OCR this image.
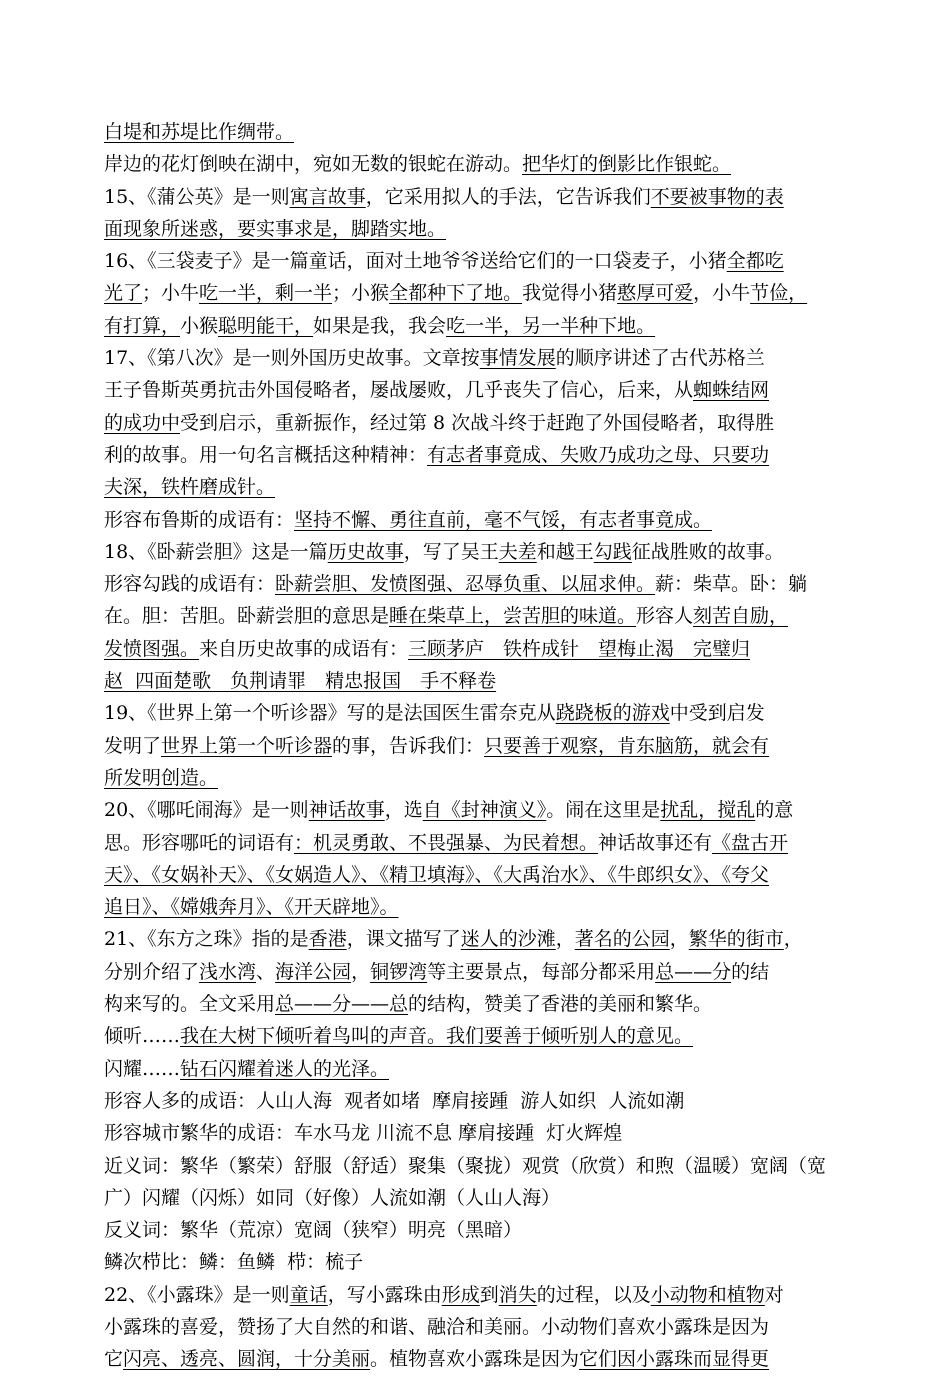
白堤和苏堤比作绸带。
岸边的花灯倒映在湖中，宛如无数的银蛇在游动。把华灯的倒影比作银蛇。
15、《蒲公英》是一则寓言故事，它采用拟人的手法，它告诉我们不要被事物的表
面现象所迷惑，要实事求是，脚踏实地。
16、《三袋麦子》是一篇童话，面对土地爷爷送给它们的一口袋麦子，小猪全都吃
光了；小牛吃一半，剩一半；小猴全都种下了地。我觉得小猪憨厚可爱，小牛节俭，
有打算，小猴聪明能干，如果是我，我会吃一半，另一半种下地。
17、《第八次》是一则外国历史故事。文章按事情发展的顺序讲述了古代苏格兰
王子鲁斯英勇抗击外国侵略者，屡战屡败，几乎丧失了信心，后来，从蜘蛛结网
的成功中受到启示，重新振作，经过第 8 次战斗终于赶跑了外国侵略者，取得胜
利的故事。用一句名言概括这种精神：有志者事竟成、失败乃成功之母、只要功
夫深，铁杵磨成针。
形容布鲁斯的成语有：坚持不懈、勇往直前，毫不气馁，有志者事竟成。
18、《卧薪尝胆》这是一篇历史故事，写了吴王夫差和越王勾践征战胜败的故事。
形容勾践的成语有：卧薪尝胆、发愤图强、忍辱负重、以屈求伸。薪：柴草。卧：躺
在。胆：苦胆。卧薪尝胆的意思是睡在柴草上，尝苦胆的味道。形容人刻苦自励，
发愤图强。来自历史故事的成语有：三顾茅庐　铁杵成针　望梅止渴　完璧归
赵  四面楚歌　负荆请罪　精忠报国　手不释卷
19、《世界上第一个听诊器》写的是法国医生雷奈克从跷跷板的游戏中受到启发
发明了世界上第一个听诊器的事，告诉我们：只要善于观察，肯东脑筋，就会有
所发明创造。
20、《哪吒闹海》是一则神话故事，选自《封神演义》。闹在这里是扰乱，搅乱的意
思。形容哪吒的词语有：机灵勇敢、不畏强暴、为民着想。神话故事还有《盘古开
天》、《女娲补天》、《女娲造人》、《精卫填海》、《大禹治水》、《牛郎织女》、《夸父
追日》、《嫦娥奔月》、《开天辟地》。
21、《东方之珠》指的是香港，课文描写了迷人的沙滩，著名的公园，繁华的街市，
分别介绍了浅水湾、海洋公园，铜锣湾等主要景点，每部分都采用总——分的结
构来写的。全文采用总——分——总的结构，赞美了香港的美丽和繁华。
倾听……我在大树下倾听着鸟叫的声音。我们要善于倾听别人的意见。
闪耀……钻石闪耀着迷人的光泽。
形容人多的成语：人山人海  观者如堵  摩肩接踵  游人如织  人流如潮
形容城市繁华的成语：车水马龙 川流不息 摩肩接踵  灯火辉煌
近义词：繁华（繁荣）舒服（舒适）聚集（聚拢）观赏（欣赏）和煦（温暖）宽阔（宽
广）闪耀（闪烁）如同（好像）人流如潮（人山人海）
反义词：繁华（荒凉）宽阔（狭窄）明亮（黑暗）
鳞次栉比：鳞：鱼鳞  栉：梳子
22、《小露珠》是一则童话，写小露珠由形成到消失的过程，以及小动物和植物对
小露珠的喜爱，赞扬了大自然的和谐、融洽和美丽。小动物们喜欢小露珠是因为
它闪亮、透亮、圆润，十分美丽。植物喜欢小露珠是因为它们因小露珠而显得更
